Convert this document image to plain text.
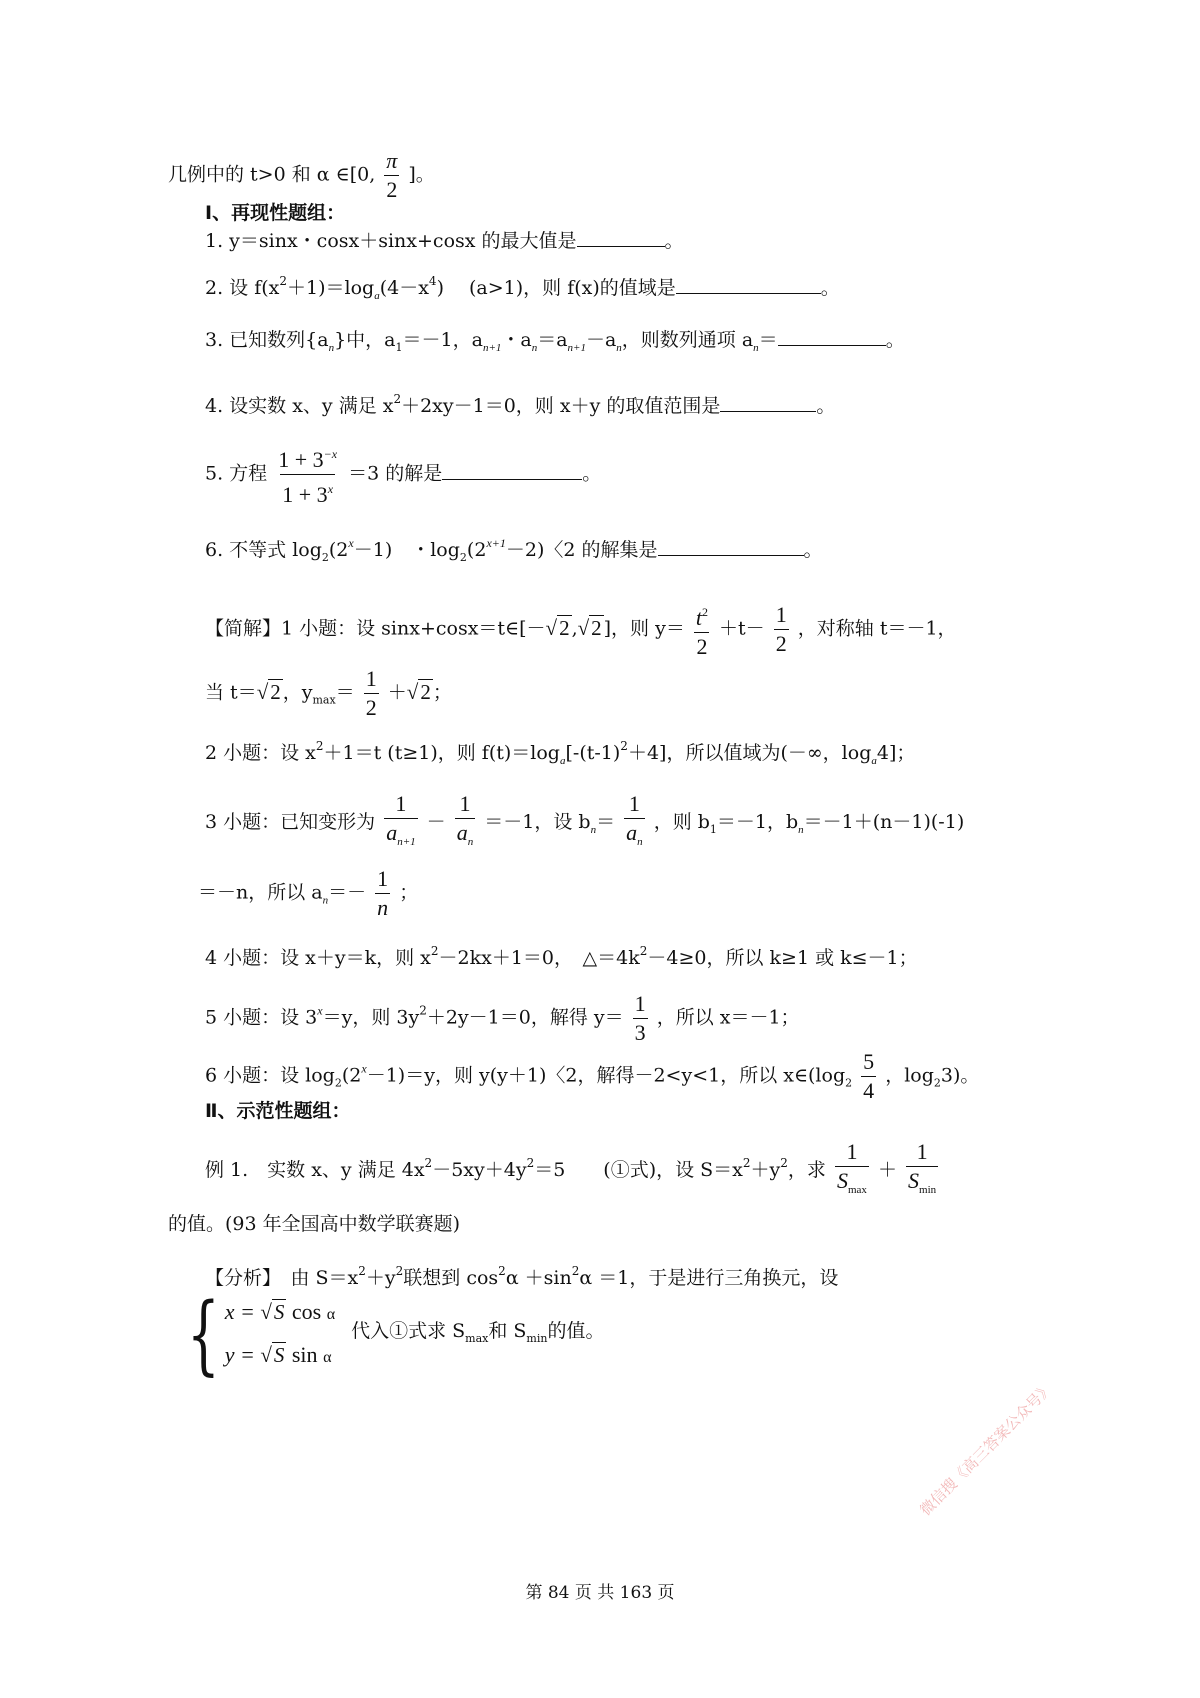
几例中的 t>0 和 α ∈[0, $\frac{\pi}{2}$ ]。
Ⅰ、再现性题组：
1. y＝sinx・cosx＋sinx+cosx 的最大值是	。
2. 设 $f(x^2+1)=\log_a(4-x^4)$　 (a>1)，则 f(x)的值域是	。
3. 已知数列$\{a_n\}$中，$a_1=-1$，$a_{n+1}$・$a_n=a_{n+1}-a_n$，则数列通项 $a_n=$	。
4. 设实数 x、y 满足 $x^2+2xy-1=0$，则 x＋y 的取值范围是	。
5. 方程 $\frac{1 + 3^{-x}}{1 + 3^x} =3$ 的解是	。
6. 不等式 $\log_2(2^x-1)$　・$\log_2(2^{x+1}-2)$〈2 的解集是	。
【简解】1 小题：设 sinx+cosx＝t∈[－√2 ,√2 ]，则 $y= \frac{t^2}{2} +t- \frac{1}{2}$ ，对称轴 t＝－1，
当 t＝√2 ，$y_{max}= \frac{1}{2} +√2$ ；
2 小题：设 $x^2+1=t$ (t≥1)，则 $f(t)=\log_a[-(t-1)^2+4]$，所以值域为(－∞，$\log_a4$]；
3 小题：已知变形为 $\frac{1}{a_{n+1}} - \frac{1}{a_n} =-1$，设 $b_n= \frac{1}{a_n}$ ，则 $b_1=-1$，$b_n=-1+(n-1)(-1)$
＝－n，所以 $a_n=- \frac{1}{n}$ ；
4 小题：设 x＋y＝k，则 $x^2-2kx+1=0$，　$\triangle=4k^2-4\ge 0$，所以 k≥1 或 k≤－1；
5 小题：设 $3^x=y$，则 $3y^2+2y-1=0$，解得 $y= \frac{1}{3}$ ，所以 x＝－1；
6 小题：设 $\log_2(2^x-1)=y$，则 y(y＋1)〈2，解得－2<y<1，所以 $x\in(\log_2 \frac{5}{4}$ ，$\log_23$)。
Ⅱ、示范性题组：
例 1.　实数 x、y 满足 $4x^2-5xy+4y^2=5$　　(①式)，设 $S=x^2+y^2$，求 $\frac{1}{S_{max}} + \frac{1}{S_{min}}$
的值。(93 年全国高中数学联赛题)
【分析】　由 $S=x^2+y^2$联想到 $\cos^2\alpha +\sin^2\alpha =1$，于是进行三角换元，设
{ x = √S cos α
y = √S sin α
代入①式求 $S_{max}$和 $S_{min}$的值。
第 84 页 共 163 页
微信搜《高三答案公众号》
